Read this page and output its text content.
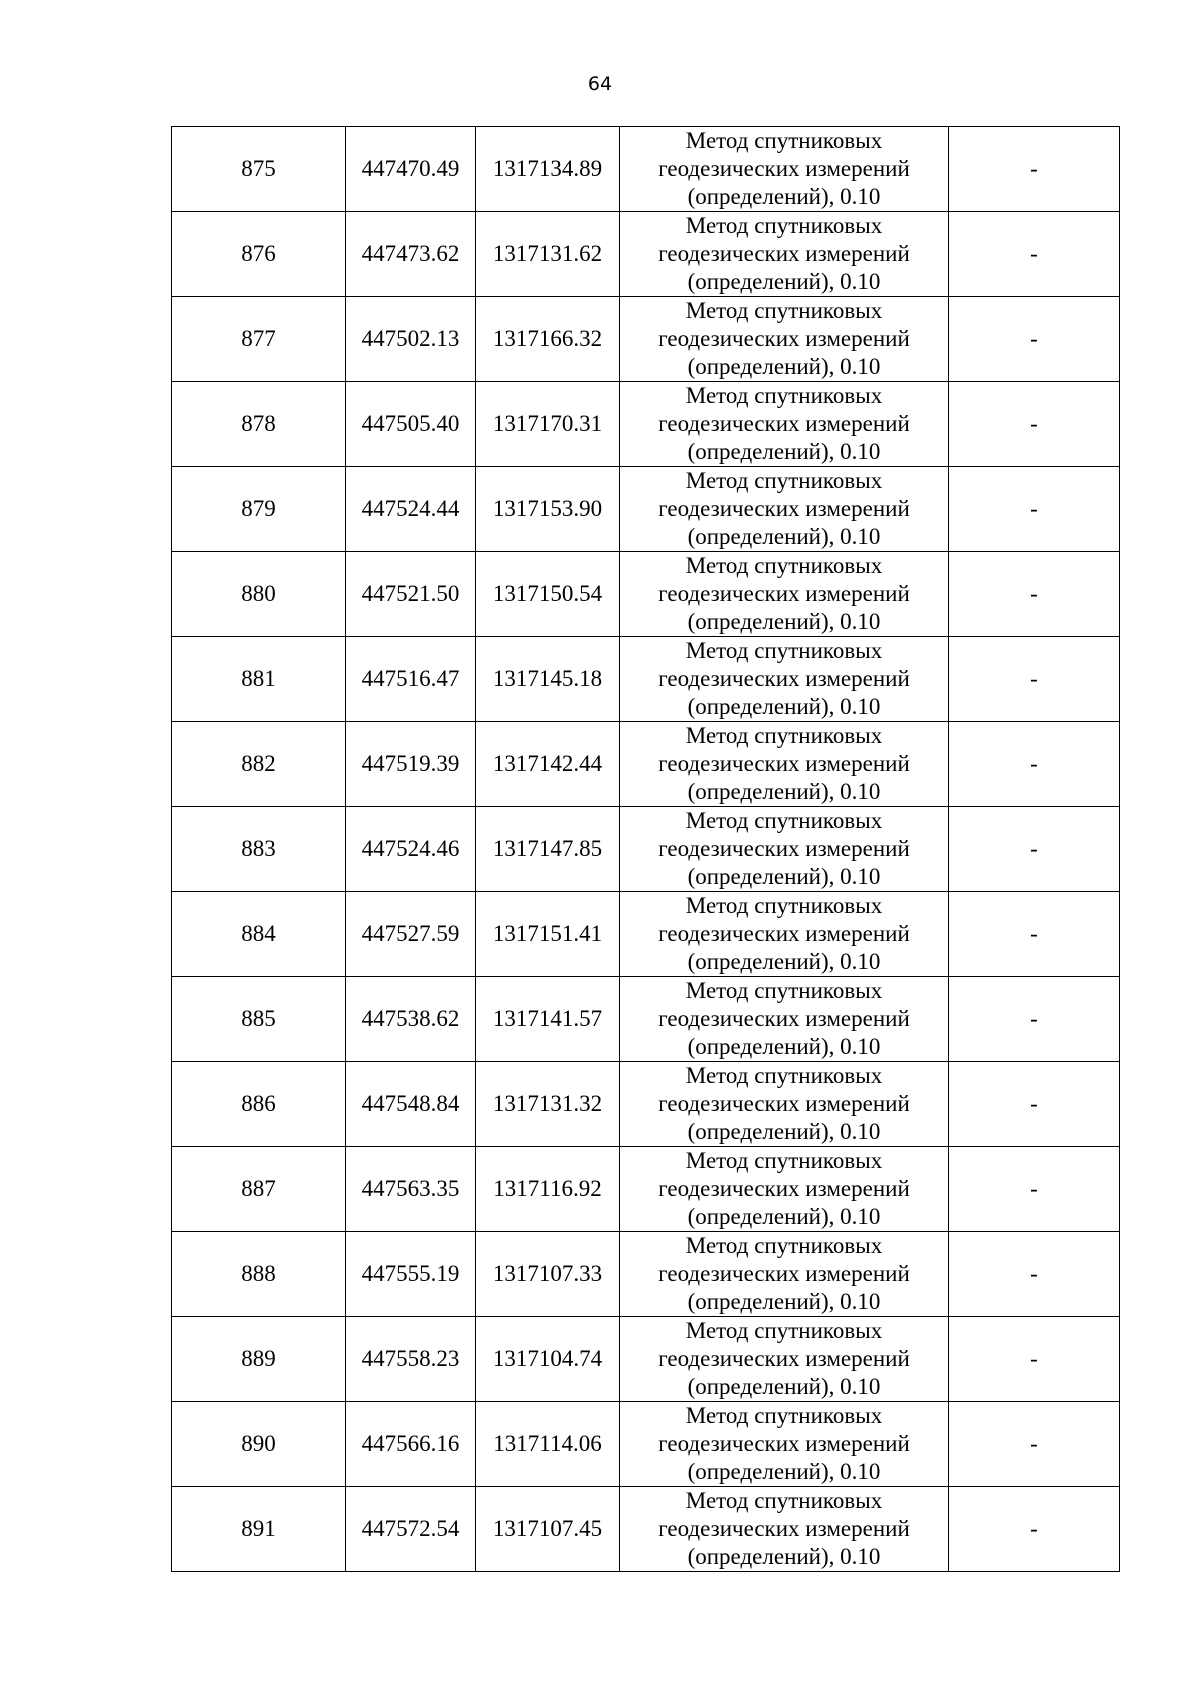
64
875	447470.49	1317134.89	Метод спутниковых
геодезических измерений
(определений), 0.10	-
876	447473.62	1317131.62	Метод спутниковых
геодезических измерений
(определений), 0.10	-
877	447502.13	1317166.32	Метод спутниковых
геодезических измерений
(определений), 0.10	-
878	447505.40	1317170.31	Метод спутниковых
геодезических измерений
(определений), 0.10	-
879	447524.44	1317153.90	Метод спутниковых
геодезических измерений
(определений), 0.10	-
880	447521.50	1317150.54	Метод спутниковых
геодезических измерений
(определений), 0.10	-
881	447516.47	1317145.18	Метод спутниковых
геодезических измерений
(определений), 0.10	-
882	447519.39	1317142.44	Метод спутниковых
геодезических измерений
(определений), 0.10	-
883	447524.46	1317147.85	Метод спутниковых
геодезических измерений
(определений), 0.10	-
884	447527.59	1317151.41	Метод спутниковых
геодезических измерений
(определений), 0.10	-
885	447538.62	1317141.57	Метод спутниковых
геодезических измерений
(определений), 0.10	-
886	447548.84	1317131.32	Метод спутниковых
геодезических измерений
(определений), 0.10	-
887	447563.35	1317116.92	Метод спутниковых
геодезических измерений
(определений), 0.10	-
888	447555.19	1317107.33	Метод спутниковых
геодезических измерений
(определений), 0.10	-
889	447558.23	1317104.74	Метод спутниковых
геодезических измерений
(определений), 0.10	-
890	447566.16	1317114.06	Метод спутниковых
геодезических измерений
(определений), 0.10	-
891	447572.54	1317107.45	Метод спутниковых
геодезических измерений
(определений), 0.10	-
